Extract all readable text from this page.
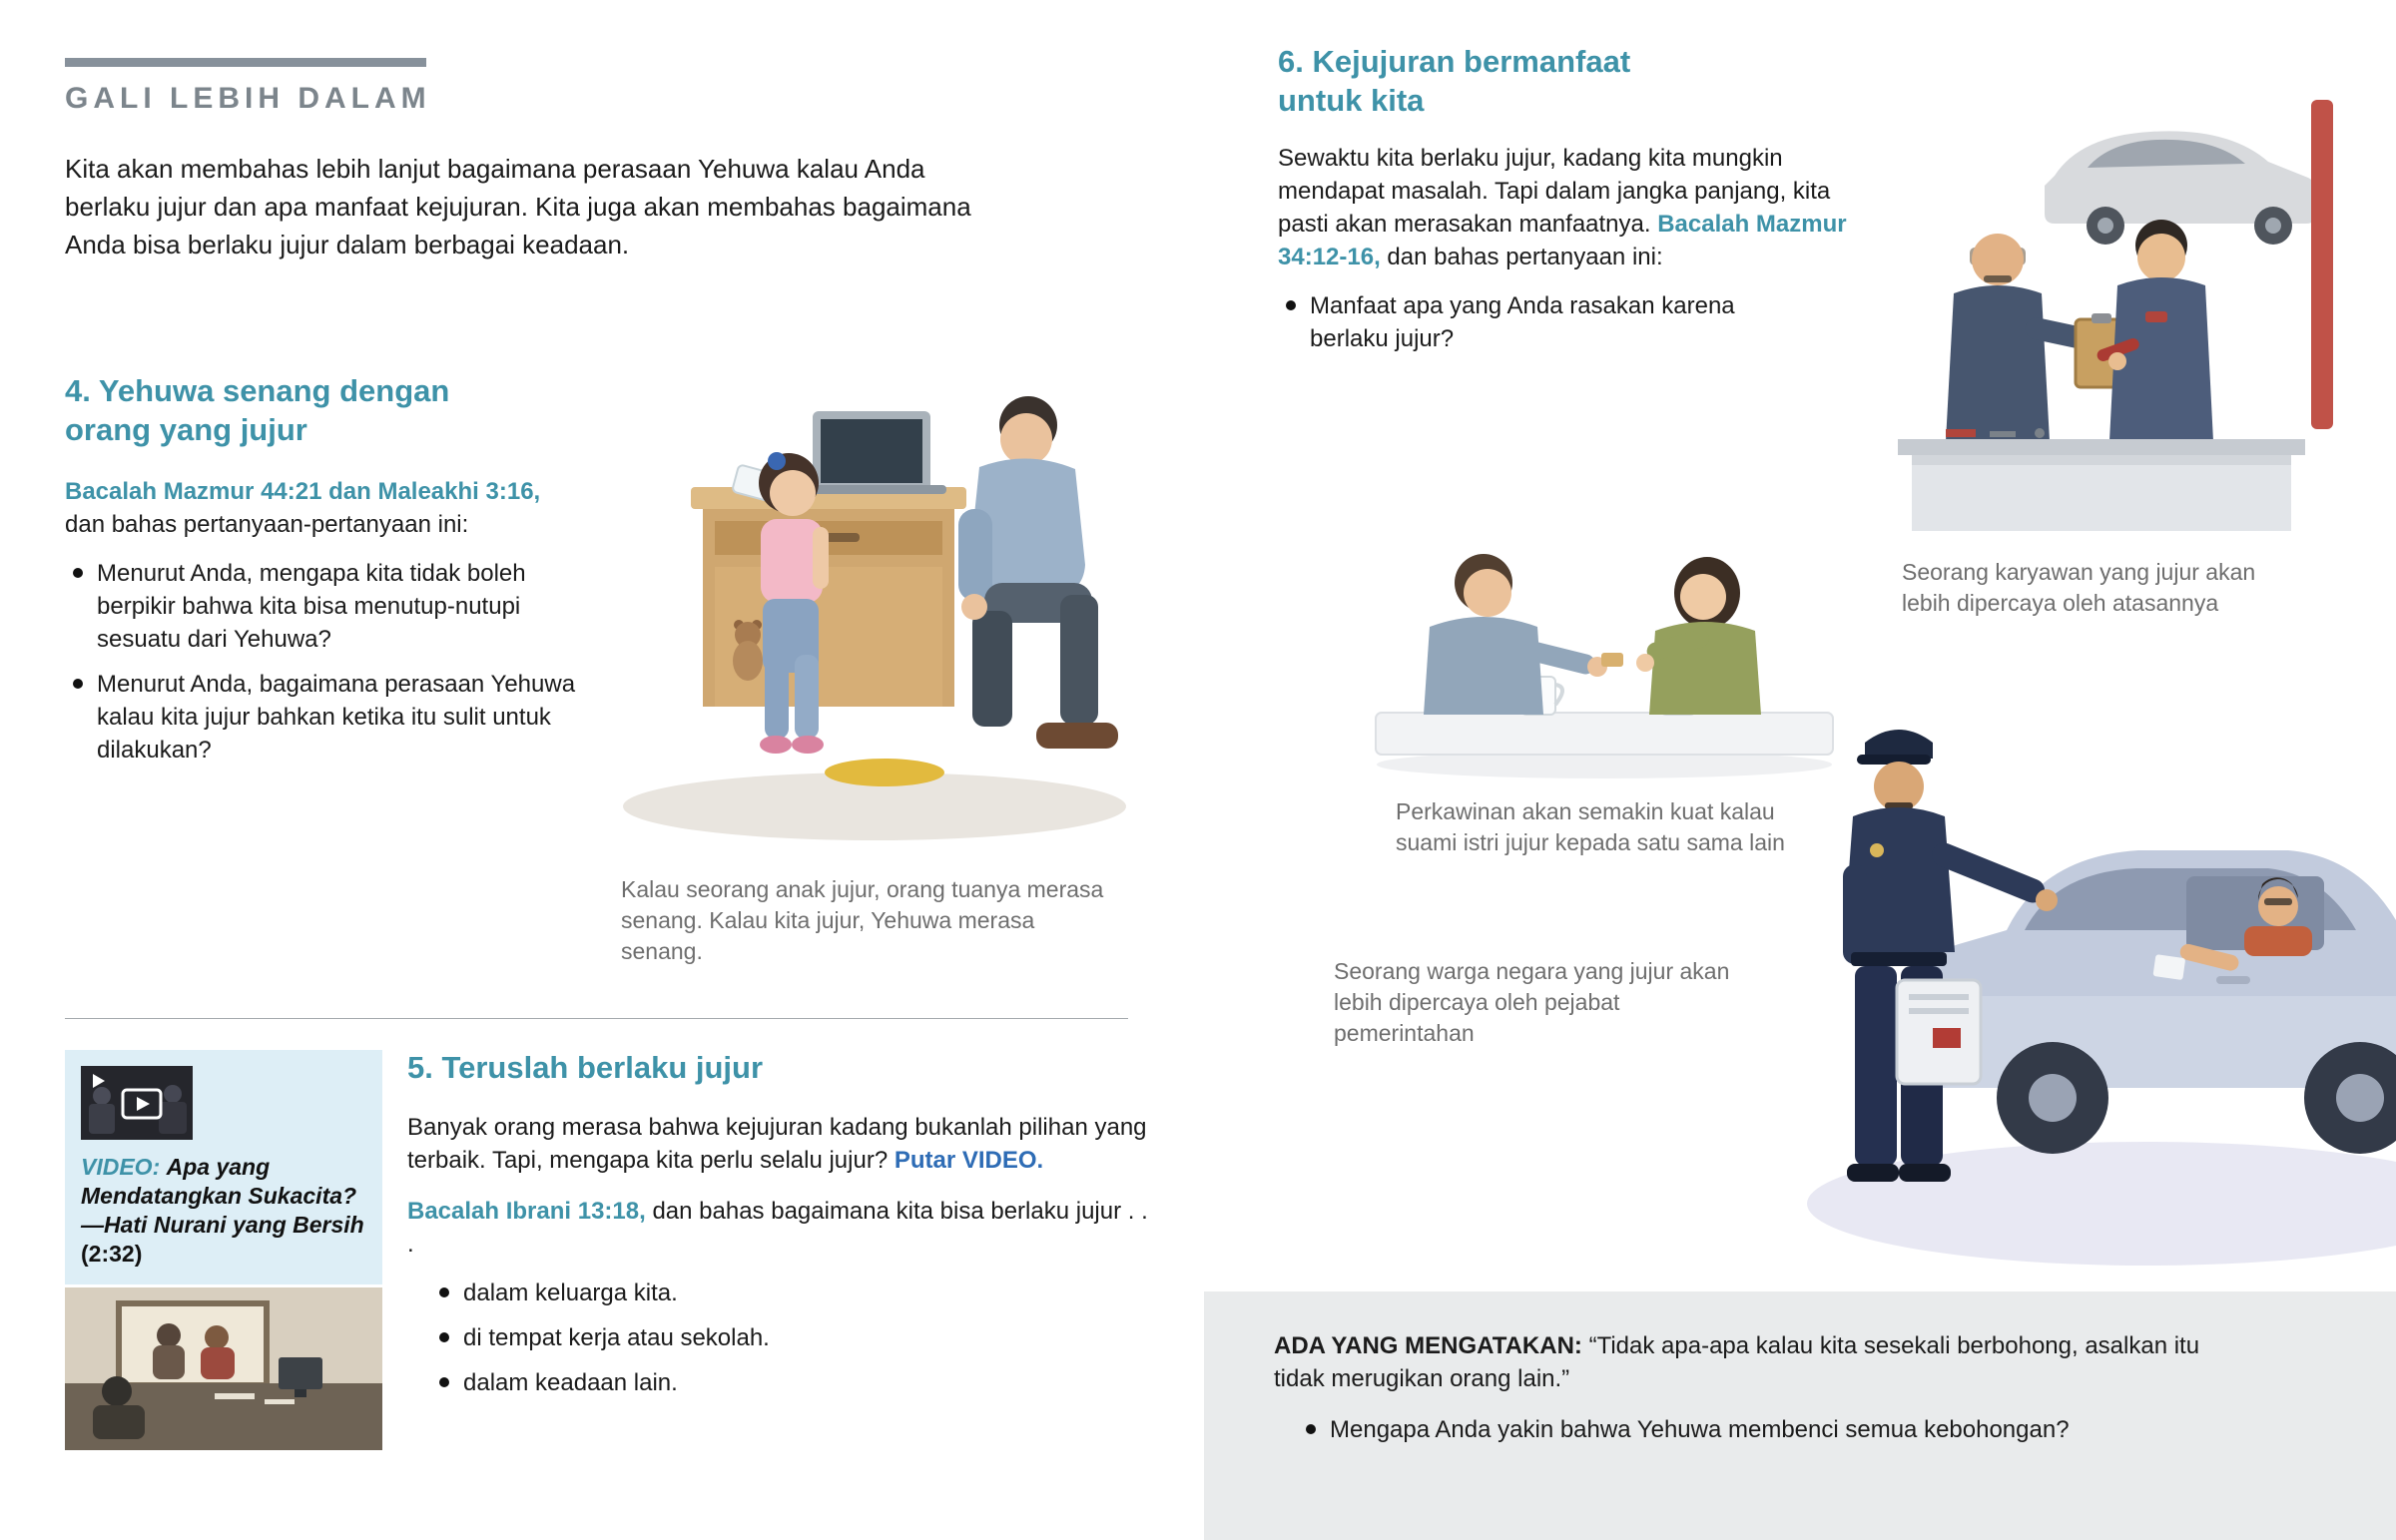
GALI LEBIH DALAM

Kita akan membahas lebih lanjut bagaimana perasaan Yehuwa kalau Anda berlaku jujur dan apa manfaat kejujuran. Kita juga akan membahas bagaimana Anda bisa berlaku jujur dalam berbagai keadaan.

4. Yehuwa senang dengan orang yang jujur

Bacalah Mazmur 44:21 dan Maleakhi 3:16, dan bahas pertanyaan-pertanyaan ini:

Menurut Anda, mengapa kita tidak boleh berpikir bahwa kita bisa menutup-nutupi sesuatu dari Yehuwa?
Menurut Anda, bagaimana perasaan Yehuwa kalau kita jujur bahkan ketika itu sulit untuk dilakukan?

Kalau seorang anak jujur, orang tuanya merasa senang. Kalau kita jujur, Yehuwa merasa senang.

VIDEO: Apa yang Mendatangkan Sukacita? —Hati Nurani yang Bersih (2:32)

5. Teruslah berlaku jujur

Banyak orang merasa bahwa kejujuran kadang bukanlah pilihan yang terbaik. Tapi, mengapa kita perlu selalu jujur? Putar VIDEO.

Bacalah Ibrani 13:18, dan bahas bagaimana kita bisa berlaku jujur . . .

dalam keluarga kita.
di tempat kerja atau sekolah.
dalam keadaan lain.
6. Kejujuran bermanfaat untuk kita

Sewaktu kita berlaku jujur, kadang kita mungkin mendapat masalah. Tapi dalam jangka panjang, kita pasti akan merasakan manfaatnya. Bacalah Mazmur 34:12-16, dan bahas pertanyaan ini:

Manfaat apa yang Anda rasakan karena berlaku jujur?

Seorang karyawan yang jujur akan lebih dipercaya oleh atasannya

Perkawinan akan semakin kuat kalau suami istri jujur kepada satu sama lain

Seorang warga negara yang jujur akan lebih dipercaya oleh pejabat pemerintahan

ADA YANG MENGATAKAN: “Tidak apa-apa kalau kita sesekali berbohong, asalkan itu tidak merugikan orang lain.”

Mengapa Anda yakin bahwa Yehuwa membenci semua kebohongan?
